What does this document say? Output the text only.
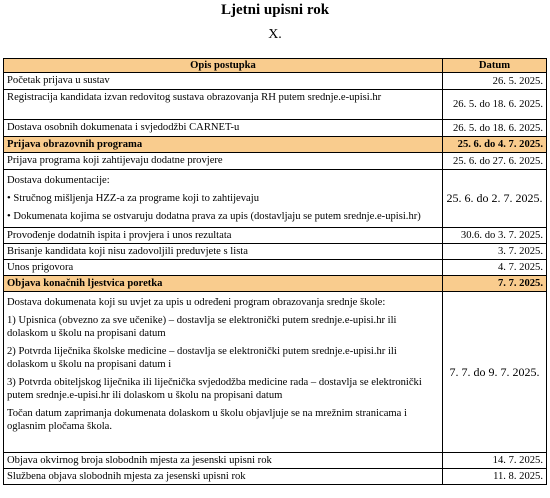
Ljetni upisni rok
X.
Opis postupka	Datum
Početak prijava u sustav	26. 5. 2025.
Registracija kandidata izvan redovitog sustava obrazovanja RH putem srednje.e-upisi.hr	26. 5. do 18. 6. 2025.
Dostava osobnih dokumenata i svjedodžbi CARNET-u	26. 5. do 18. 6. 2025.
Prijava obrazovnih programa	25. 6. do 4. 7. 2025.
Prijava programa koji zahtijevaju dodatne provjere	25. 6. do 27. 6. 2025.
Dostava dokumentacije:
• Stručnog mišljenja HZZ-a za programe koji to zahtijevaju
• Dokumenata kojima se ostvaruju dodatna prava za upis (dostavljaju se putem srednje.e-upisi.hr)	25. 6. do 2. 7. 2025.
Provođenje dodatnih ispita i provjera i unos rezultata	30.6. do 3. 7. 2025.
Brisanje kandidata koji nisu zadovoljili preduvjete s lista	3. 7. 2025.
Unos prigovora	4. 7. 2025.
Objava konačnih ljestvica poretka	7. 7. 2025.
Dostava dokumenata koji su uvjet za upis u određeni program obrazovanja srednje škole:
1) Upisnica (obvezno za sve učenike) – dostavlja se elektronički putem srednje.e-upisi.hr ili dolaskom u školu na propisani datum
2) Potvrda liječnika školske medicine – dostavlja se elektronički putem srednje.e-upisi.hr ili dolaskom u školu na propisani datum i
3) Potvrda obiteljskog liječnika ili liječnička svjedodžba medicine rada – dostavlja se elektronički putem srednje.e-upisi.hr ili dolaskom u školu na propisani datum
Točan datum zaprimanja dokumenata dolaskom u školu objavljuje se na mrežnim stranicama i oglasnim pločama škola.	7. 7. do 9. 7. 2025.
Objava okvirnog broja slobodnih mjesta za jesenski upisni rok	14. 7. 2025.
Službena objava slobodnih mjesta za jesenski upisni rok	11. 8. 2025.
